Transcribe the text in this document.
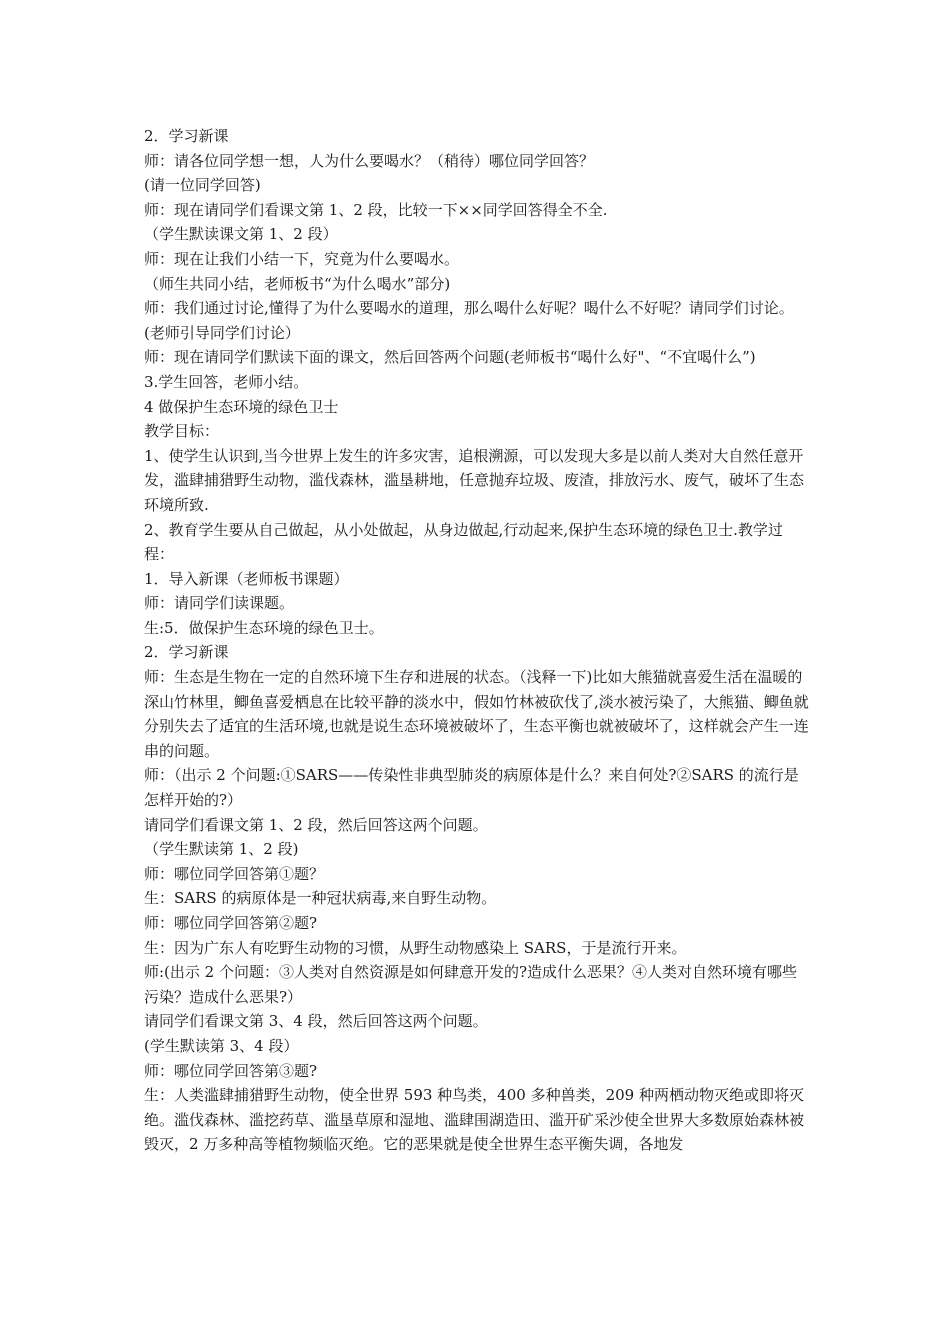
2．学习新课

师：请各位同学想一想，人为什么要喝水？（稍待）哪位同学回答？

(请一位同学回答)

师：现在请同学们看课文第 1、2 段，比较一下××同学回答得全不全.

（学生默读课文第 1、2 段）

师：现在让我们小结一下，究竟为什么要喝水。

（师生共同小结，老师板书“为什么喝水”部分)

师：我们通过讨论,懂得了为什么要喝水的道理，那么喝什么好呢？喝什么不好呢？请同学们讨论。

(老师引导同学们讨论）

师：现在请同学们默读下面的课文，然后回答两个问题(老师板书“喝什么好"、“不宜喝什么”)

3.学生回答，老师小结。

4 做保护生态环境的绿色卫士

教学目标：

1、使学生认识到,当今世界上发生的许多灾害，追根溯源，可以发现大多是以前人类对大自然任意开发，滥肆捕猎野生动物，滥伐森林，滥垦耕地，任意抛弃垃圾、废渣，排放污水、废气，破坏了生态环境所致.

2、教育学生要从自己做起，从小处做起，从身边做起,行动起来,保护生态环境的绿色卫士.教学过程：

1．导入新课（老师板书课题）

师：请同学们读课题。

生:5．做保护生态环境的绿色卫士。

2．学习新课

师：生态是生物在一定的自然环境下生存和进展的状态。（浅释一下)比如大熊猫就喜爱生活在温暖的深山竹林里，鲫鱼喜爱栖息在比较平静的淡水中，假如竹林被砍伐了,淡水被污染了，大熊猫、鲫鱼就分别失去了适宜的生活环境,也就是说生态环境被破坏了，生态平衡也就被破坏了，这样就会产生一连串的问题。

师：（出示 2 个问题:①SARS——传染性非典型肺炎的病原体是什么？来自何处?②SARS 的流行是怎样开始的?）

请同学们看课文第 1、2 段，然后回答这两个问题。

（学生默读第 1、2 段)

师：哪位同学回答第①题？

生：SARS 的病原体是一种冠状病毒,来自野生动物。

师：哪位同学回答第②题?

生：因为广东人有吃野生动物的习惯，从野生动物感染上 SARS，于是流行开来。

师:(出示 2 个问题：③人类对自然资源是如何肆意开发的?造成什么恶果？④人类对自然环境有哪些污染？造成什么恶果?）

请同学们看课文第 3、4 段，然后回答这两个问题。

(学生默读第 3、4 段）

师：哪位同学回答第③题?

生：人类滥肆捕猎野生动物，使全世界 593 种鸟类，400 多种兽类，209 种两栖动物灭绝或即将灭绝。滥伐森林、滥挖药草、滥垦草原和湿地、滥肆围湖造田、滥开矿采沙使全世界大多数原始森林被毁灭，2 万多种高等植物频临灭绝。它的恶果就是使全世界生态平衡失调，各地发
